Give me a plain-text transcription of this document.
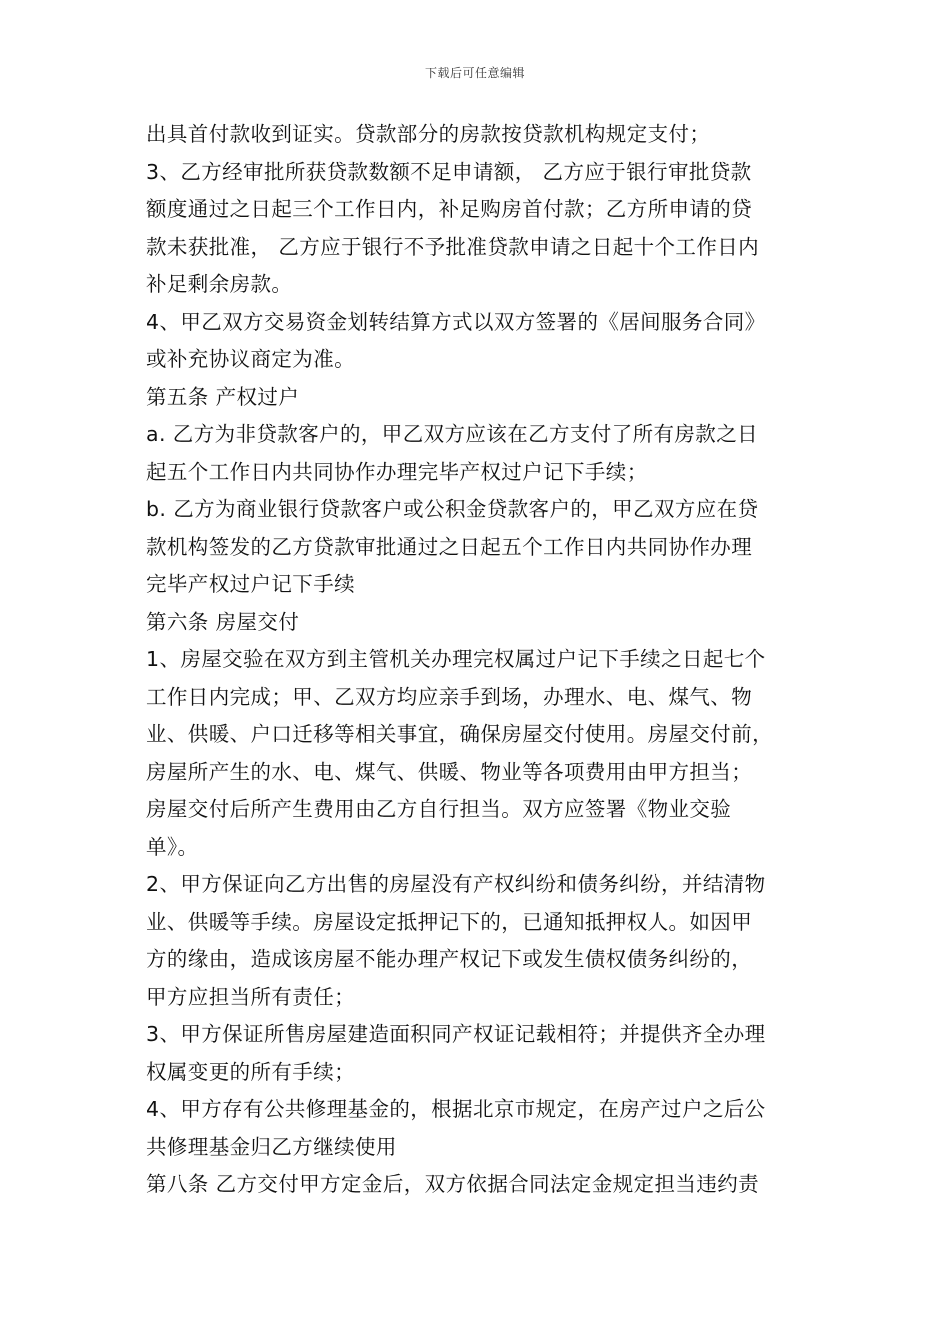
下载后可任意编辑
出具首付款收到证实。贷款部分的房款按贷款机构规定支付；
3、乙方经审批所获贷款数额不足申请额， 乙方应于银行审批贷款
额度通过之日起三个工作日内，补足购房首付款；乙方所申请的贷
款未获批准， 乙方应于银行不予批准贷款申请之日起十个工作日内
补足剩余房款。
4、甲乙双方交易资金划转结算方式以双方签署的《居间服务合同》
或补充协议商定为准。
第五条 产权过户
a. 乙方为非贷款客户的，甲乙双方应该在乙方支付了所有房款之日
起五个工作日内共同协作办理完毕产权过户记下手续；
b. 乙方为商业银行贷款客户或公积金贷款客户的，甲乙双方应在贷
款机构签发的乙方贷款审批通过之日起五个工作日内共同协作办理
完毕产权过户记下手续
第六条 房屋交付
1、房屋交验在双方到主管机关办理完权属过户记下手续之日起七个
工作日内完成；甲、乙双方均应亲手到场，办理水、电、煤气、物
业、供暖、户口迁移等相关事宜，确保房屋交付使用。房屋交付前，
房屋所产生的水、电、煤气、供暖、物业等各项费用由甲方担当；
房屋交付后所产生费用由乙方自行担当。双方应签署《物业交验
单》。
2、甲方保证向乙方出售的房屋没有产权纠纷和债务纠纷，并结清物
业、供暖等手续。房屋设定抵押记下的，已通知抵押权人。如因甲
方的缘由，造成该房屋不能办理产权记下或发生债权债务纠纷的，
甲方应担当所有责任；
3、甲方保证所售房屋建造面积同产权证记载相符；并提供齐全办理
权属变更的所有手续；
4、甲方存有公共修理基金的，根据北京市规定，在房产过户之后公
共修理基金归乙方继续使用
第八条 乙方交付甲方定金后，双方依据合同法定金规定担当违约责
